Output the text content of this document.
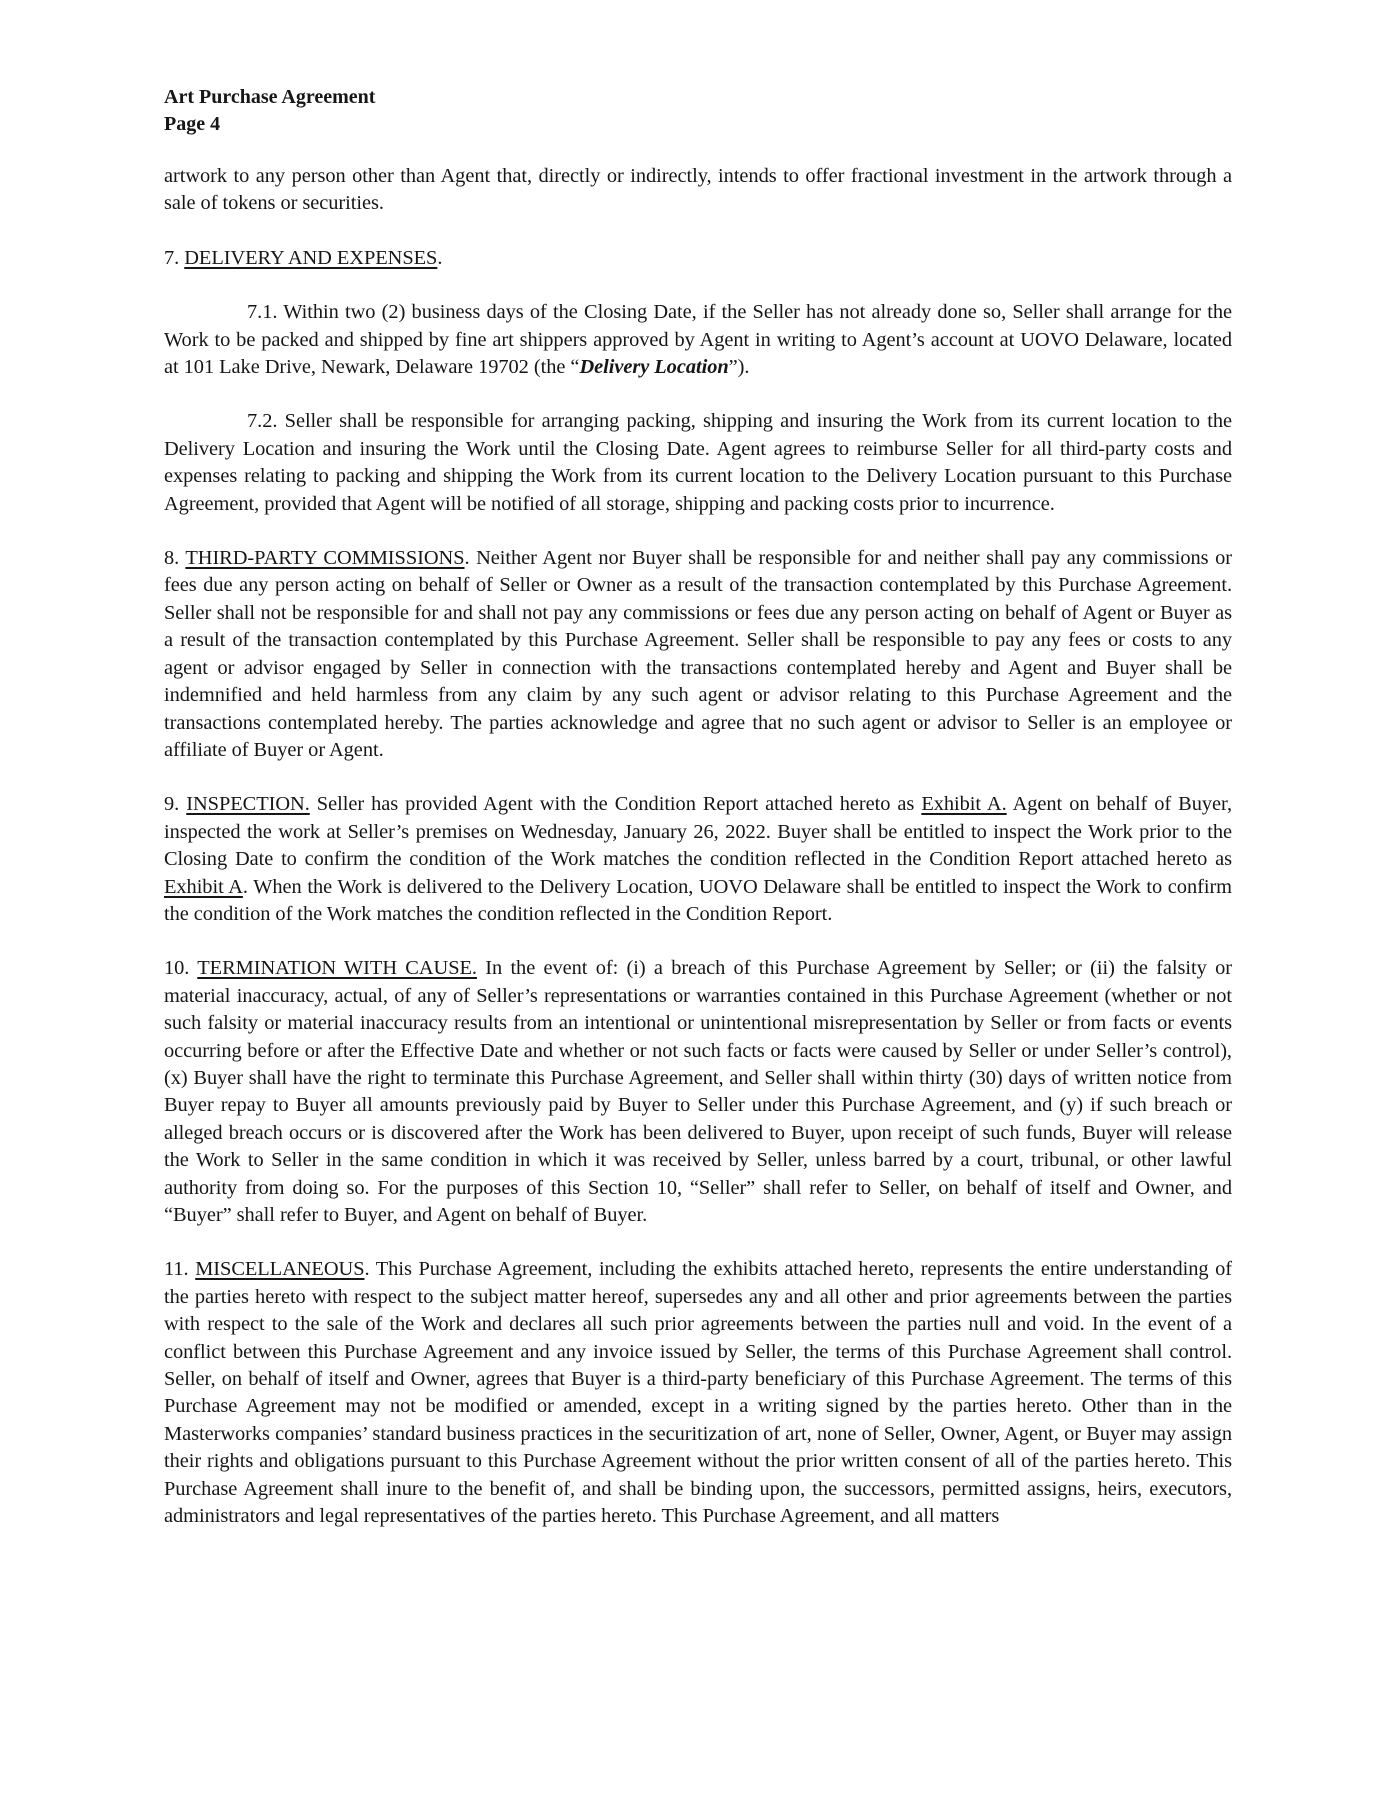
Art Purchase Agreement

Page 4

artwork to any person other than Agent that, directly or indirectly, intends to offer fractional investment in the artwork through a sale of tokens or securities.

7. DELIVERY AND EXPENSES.

7.1. Within two (2) business days of the Closing Date, if the Seller has not already done so, Seller shall arrange for the Work to be packed and shipped by fine art shippers approved by Agent in writing to Agent’s account at UOVO Delaware, located at 101 Lake Drive, Newark, Delaware 19702 (the “Delivery Location”).

7.2. Seller shall be responsible for arranging packing, shipping and insuring the Work from its current location to the Delivery Location and insuring the Work until the Closing Date. Agent agrees to reimburse Seller for all third-party costs and expenses relating to packing and shipping the Work from its current location to the Delivery Location pursuant to this Purchase Agreement, provided that Agent will be notified of all storage, shipping and packing costs prior to incurrence.

8. THIRD-PARTY COMMISSIONS. Neither Agent nor Buyer shall be responsible for and neither shall pay any commissions or fees due any person acting on behalf of Seller or Owner as a result of the transaction contemplated by this Purchase Agreement. Seller shall not be responsible for and shall not pay any commissions or fees due any person acting on behalf of Agent or Buyer as a result of the transaction contemplated by this Purchase Agreement. Seller shall be responsible to pay any fees or costs to any agent or advisor engaged by Seller in connection with the transactions contemplated hereby and Agent and Buyer shall be indemnified and held harmless from any claim by any such agent or advisor relating to this Purchase Agreement and the transactions contemplated hereby. The parties acknowledge and agree that no such agent or advisor to Seller is an employee or affiliate of Buyer or Agent.

9. INSPECTION. Seller has provided Agent with the Condition Report attached hereto as Exhibit A. Agent on behalf of Buyer, inspected the work at Seller’s premises on Wednesday, January 26, 2022. Buyer shall be entitled to inspect the Work prior to the Closing Date to confirm the condition of the Work matches the condition reflected in the Condition Report attached hereto as Exhibit A. When the Work is delivered to the Delivery Location, UOVO Delaware shall be entitled to inspect the Work to confirm the condition of the Work matches the condition reflected in the Condition Report.

10. TERMINATION WITH CAUSE. In the event of: (i) a breach of this Purchase Agreement by Seller; or (ii) the falsity or material inaccuracy, actual, of any of Seller’s representations or warranties contained in this Purchase Agreement (whether or not such falsity or material inaccuracy results from an intentional or unintentional misrepresentation by Seller or from facts or events occurring before or after the Effective Date and whether or not such facts or facts were caused by Seller or under Seller’s control), (x) Buyer shall have the right to terminate this Purchase Agreement, and Seller shall within thirty (30) days of written notice from Buyer repay to Buyer all amounts previously paid by Buyer to Seller under this Purchase Agreement, and (y) if such breach or alleged breach occurs or is discovered after the Work has been delivered to Buyer, upon receipt of such funds, Buyer will release the Work to Seller in the same condition in which it was received by Seller, unless barred by a court, tribunal, or other lawful authority from doing so. For the purposes of this Section 10, “Seller” shall refer to Seller, on behalf of itself and Owner, and “Buyer” shall refer to Buyer, and Agent on behalf of Buyer.

11. MISCELLANEOUS. This Purchase Agreement, including the exhibits attached hereto, represents the entire understanding of the parties hereto with respect to the subject matter hereof, supersedes any and all other and prior agreements between the parties with respect to the sale of the Work and declares all such prior agreements between the parties null and void. In the event of a conflict between this Purchase Agreement and any invoice issued by Seller, the terms of this Purchase Agreement shall control. Seller, on behalf of itself and Owner, agrees that Buyer is a third-party beneficiary of this Purchase Agreement. The terms of this Purchase Agreement may not be modified or amended, except in a writing signed by the parties hereto. Other than in the Masterworks companies’ standard business practices in the securitization of art, none of Seller, Owner, Agent, or Buyer may assign their rights and obligations pursuant to this Purchase Agreement without the prior written consent of all of the parties hereto. This Purchase Agreement shall inure to the benefit of, and shall be binding upon, the successors, permitted assigns, heirs, executors, administrators and legal representatives of the parties hereto. This Purchase Agreement, and all matters
